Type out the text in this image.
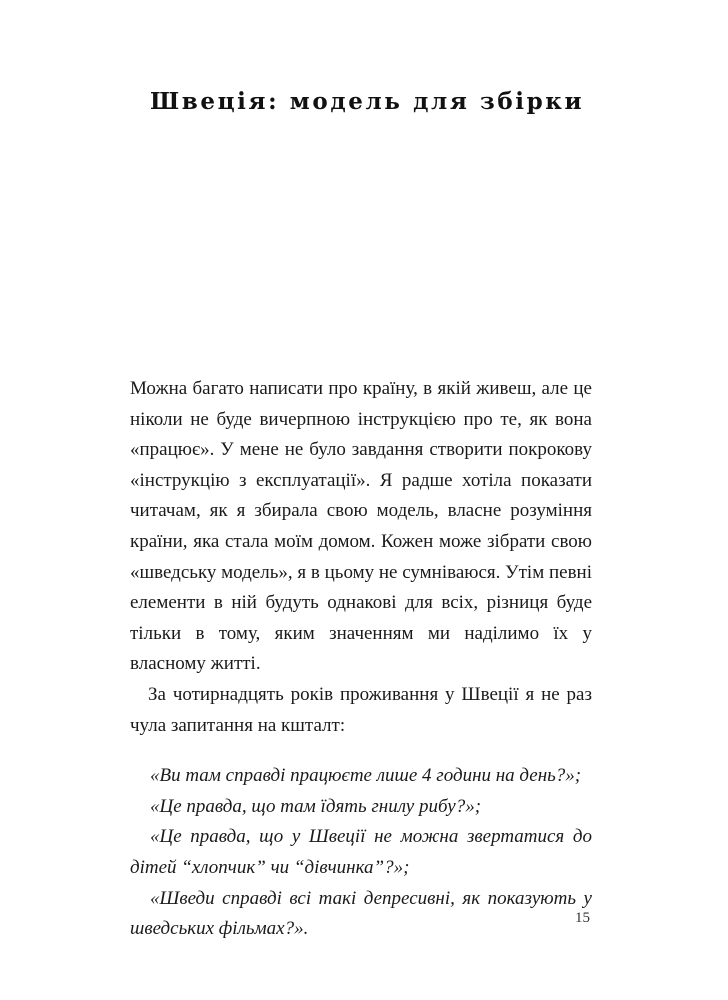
Швеція: модель для збірки

Можна багато написати про країну, в якій живеш, але це ніколи не буде вичерпною інструкцією про те, як вона «працює». У мене не було завдання створити покрокову «інструкцію з експлуатації». Я радше хотіла показати читачам, як я збирала свою модель, власне розуміння країни, яка стала моїм домом. Кожен може зібрати свою «шведську модель», я в цьому не сумніваюся. Утім певні елементи в ній будуть однакові для всіх, різниця буде тільки в тому, яким значенням ми наділимо їх у власному житті.

За чотирнадцять років проживання у Швеції я не раз чула запитання на кшталт:

«Ви там справді працюєте лише 4 години на день?»;

«Це правда, що там їдять гнилу рибу?»;

«Це правда, що у Швеції не можна звертатися до дітей “хлопчик” чи “дівчинка”?»;

«Шведи справді всі такі депресивні, як показують у шведських фільмах?».

15
